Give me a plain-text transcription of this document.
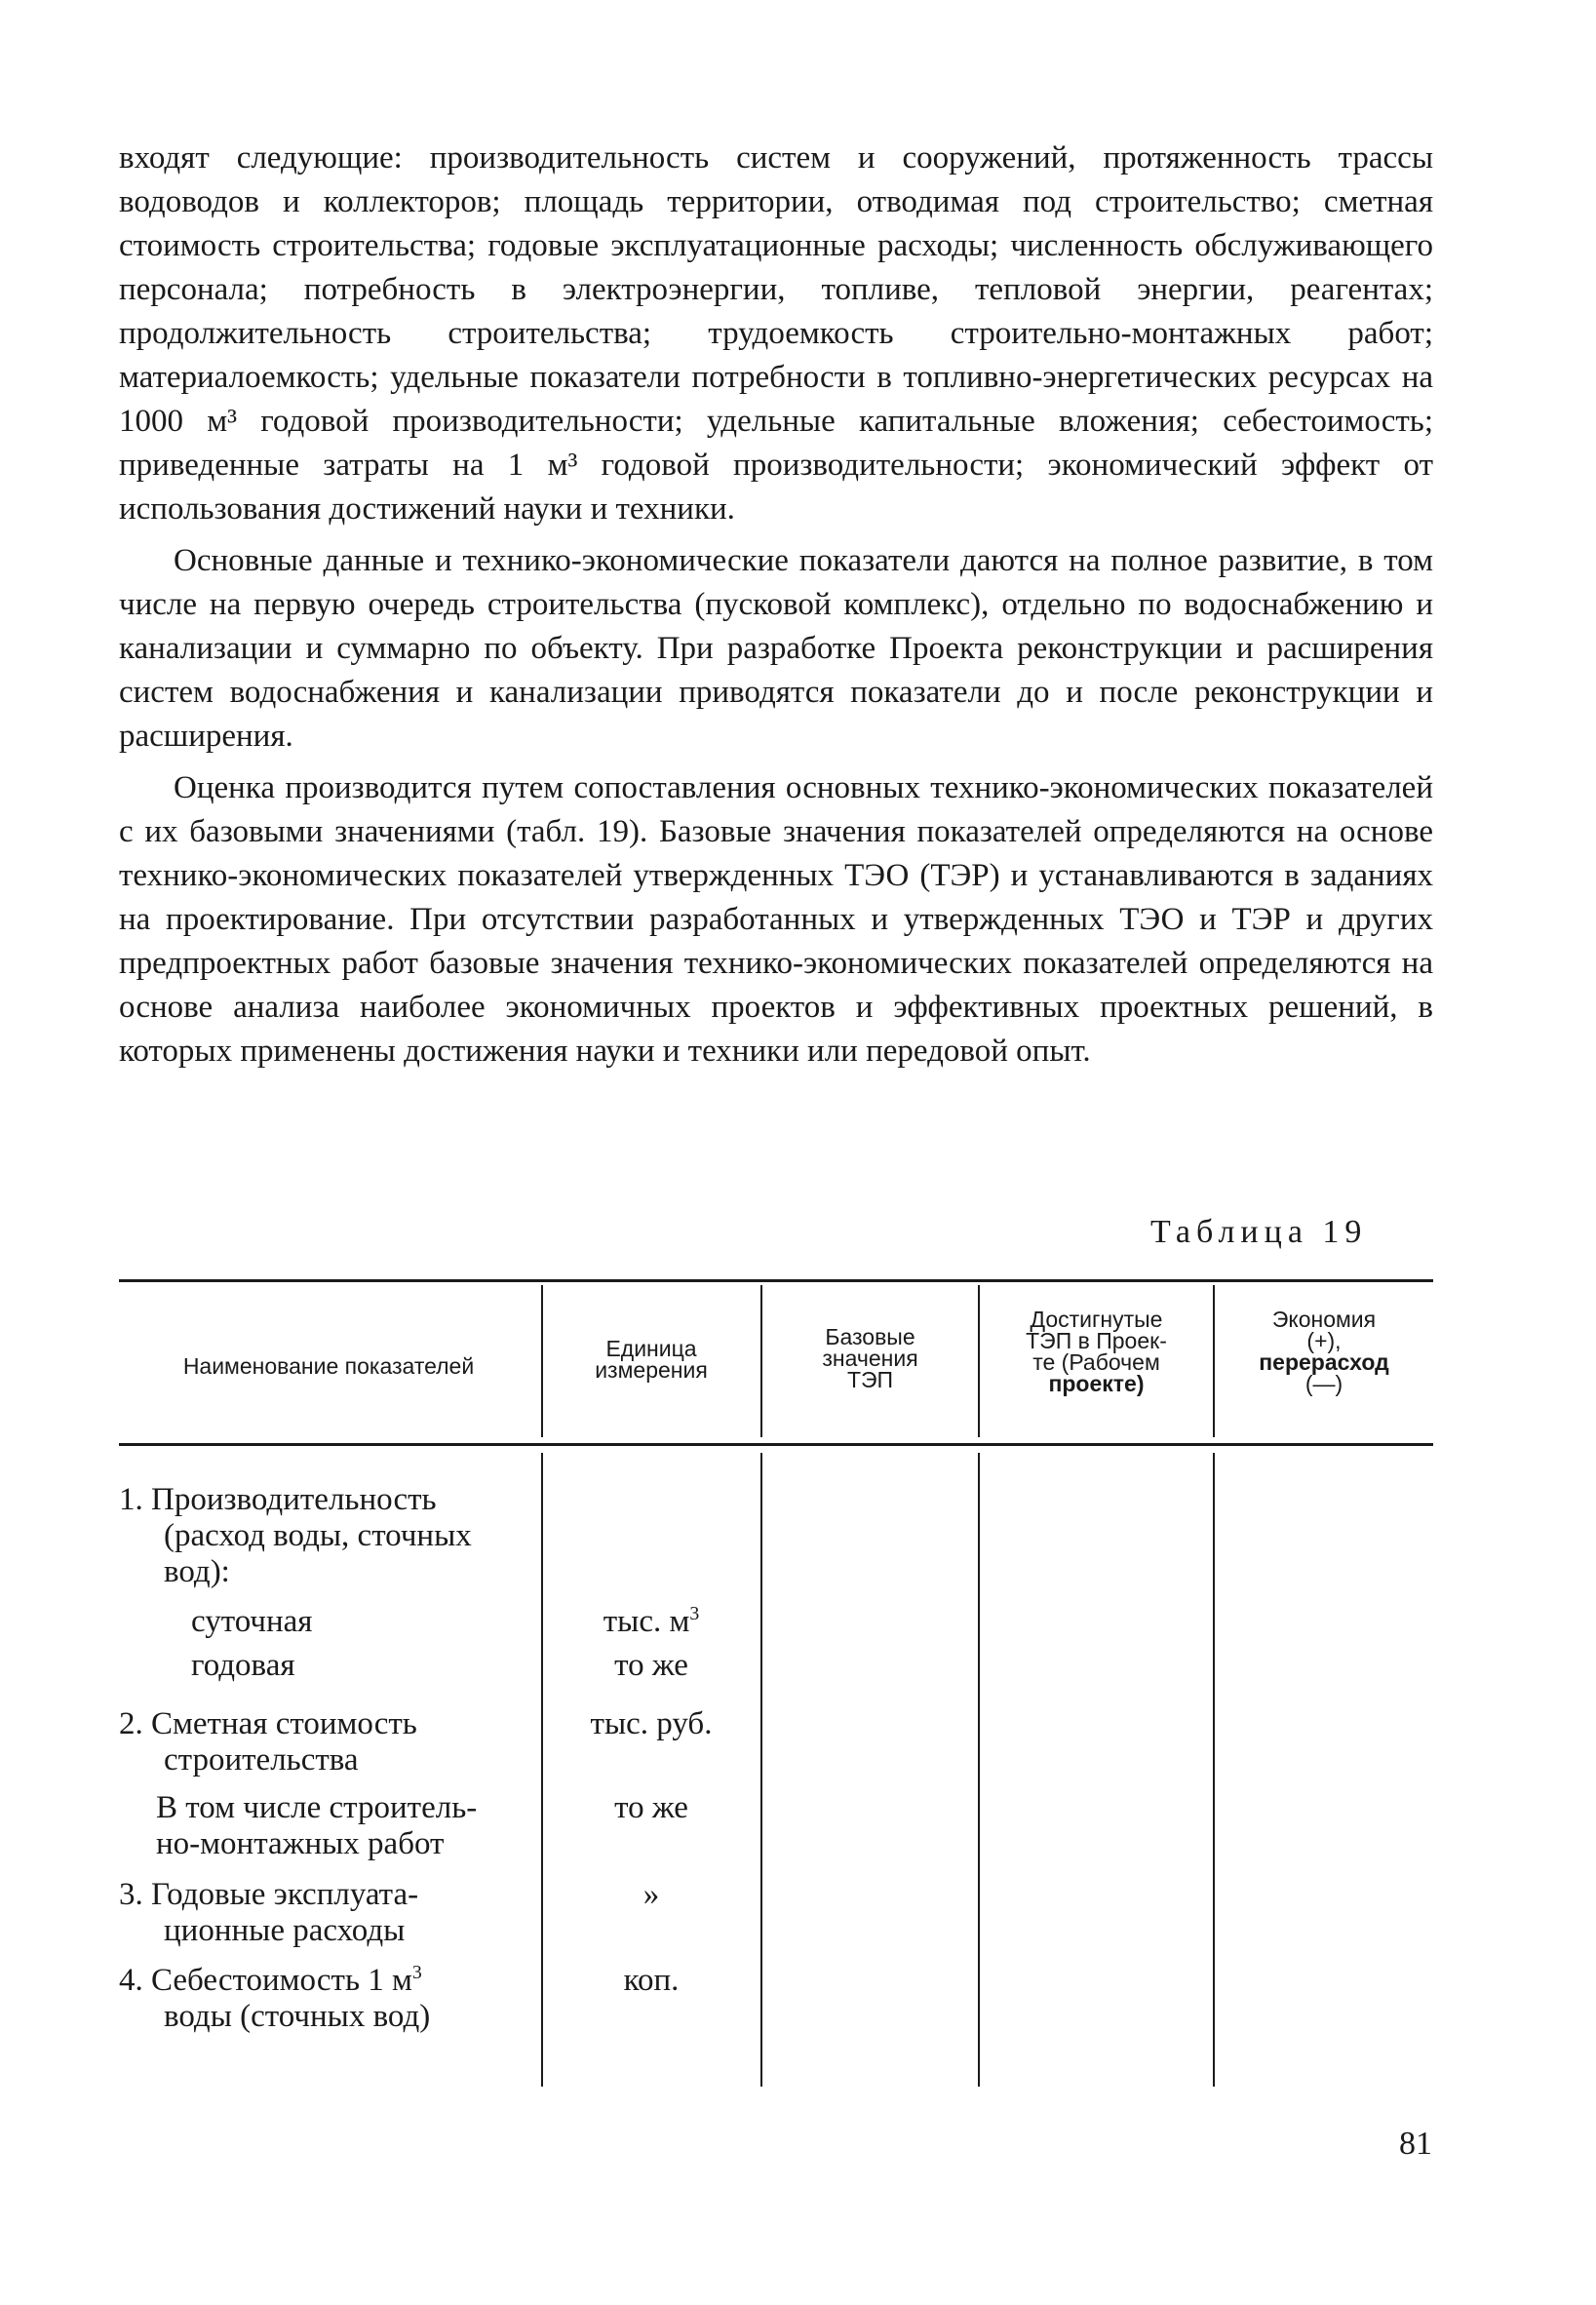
входят следующие: производительность систем и сооружений, протяженность трассы водоводов и коллекторов; площадь территории, отводимая под строительство; сметная стоимость строительства; годовые эксплуатационные расходы; численность обслуживающего персонала; потребность в электроэнергии, топливе, тепловой энергии, реагентах; продолжительность строительства; трудоемкость строительно-монтажных работ; материалоемкость; удельные показатели потребности в топливно-энергетических ресурсах на 1000 м³ годовой производительности; удельные капитальные вложения; себестоимость; приведенные затраты на 1 м³ годовой производительности; экономический эффект от использования достижений науки и техники.

Основные данные и технико-экономические показатели даются на полное развитие, в том числе на первую очередь строительства (пусковой комплекс), отдельно по водоснабжению и канализации и суммарно по объекту. При разработке Проекта реконструкции и расширения систем водоснабжения и канализации приводятся показатели до и после реконструкции и расширения.

Оценка производится путем сопоставления основных технико-экономических показателей с их базовыми значениями (табл. 19). Базовые значения показателей определяются на основе технико-экономических показателей утвержденных ТЭО (ТЭР) и устанавливаются в заданиях на проектирование. При отсутствии разработанных и утвержденных ТЭО и ТЭР и других предпроектных работ базовые значения технико-экономических показателей определяются на основе анализа наиболее экономичных проектов и эффективных проектных решений, в которых применены достижения науки и техники или передовой опыт.

Таблица 19
Наименование показателей
Единица
измерения
Базовые
значения
ТЭП
Достигнутые
ТЭП в Проек-
те (Рабочем
проекте)
Экономия
(+),
перерасход
(—)
1. Производительность
(расход воды, сточных
вод):
суточная	тыс. $м^3$
годовая	то же
2. Сметная стоимость
строительства
тыс. руб.
В том числе строитель-
но-монтажных работ
то же
3. Годовые эксплуата-
ционные расходы
»
4. Себестоимость 1 $м^3$
воды (сточных вод)
коп.
81
